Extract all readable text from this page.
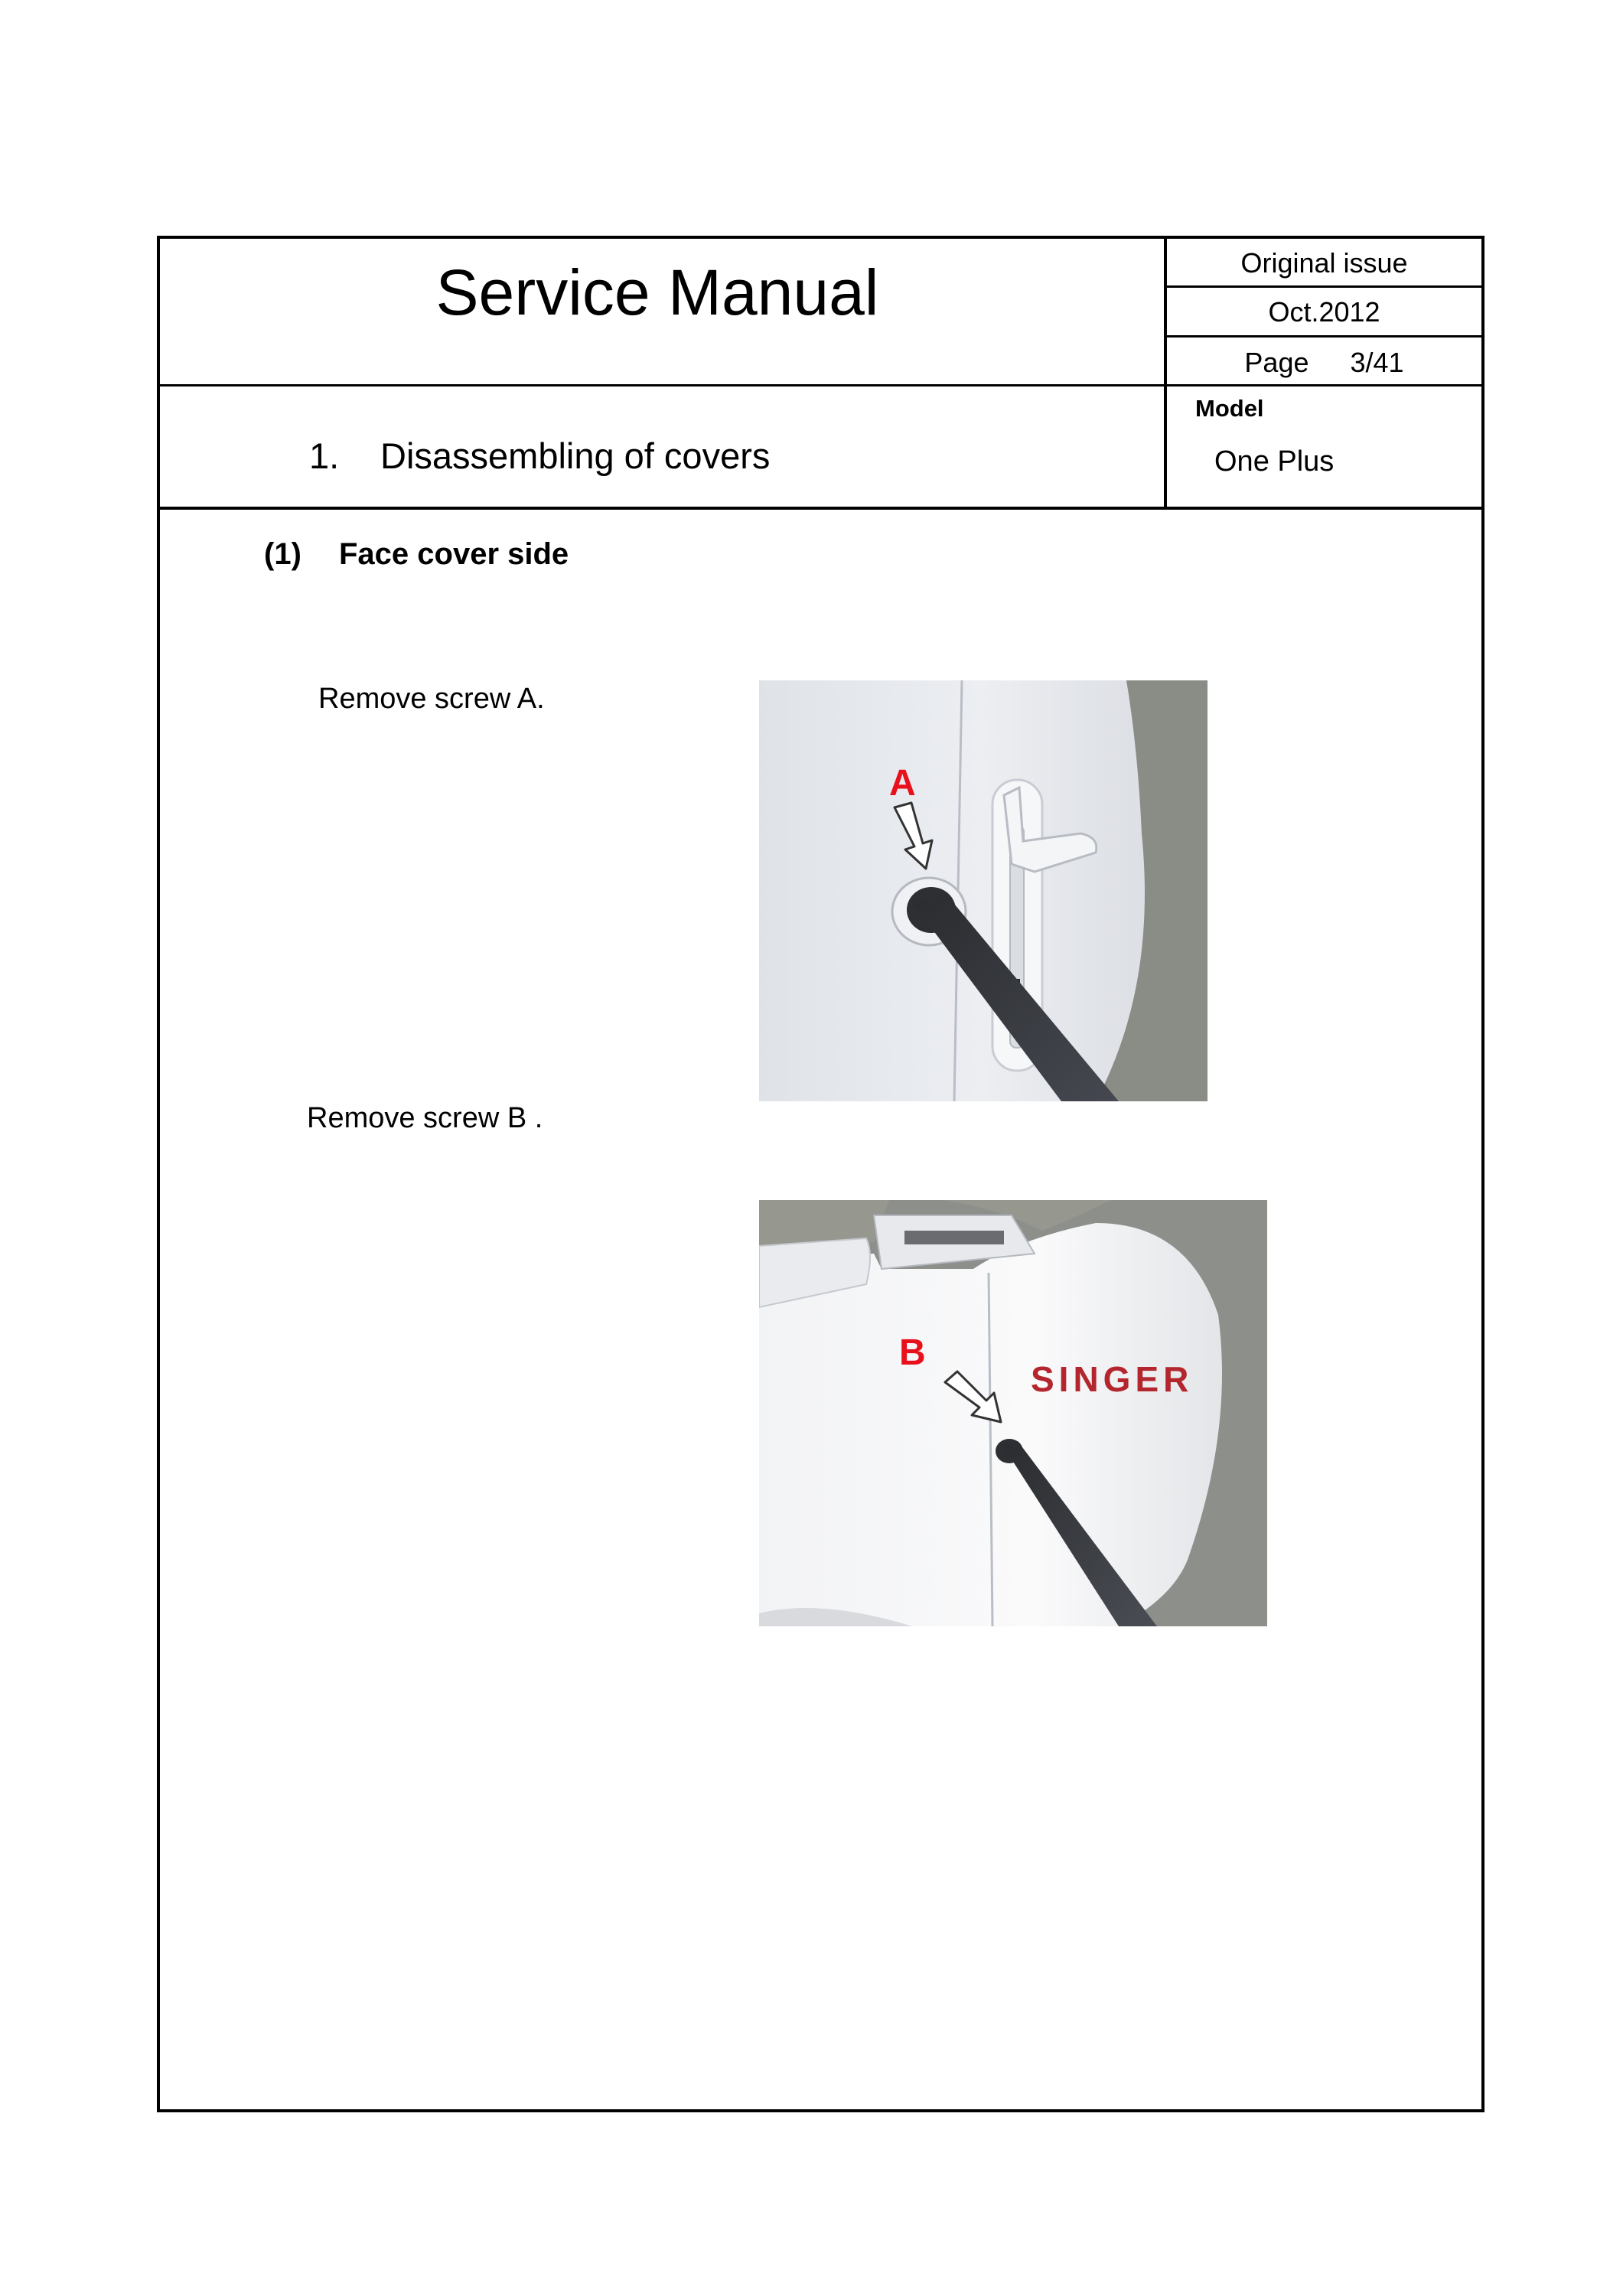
Service Manual	Original issue
Oct.2012
Page 3/41
Model
One Plus
1. Disassembling of covers
(1) Face cover side
Remove screw A.
A
Remove screw B .
SINGER
B
